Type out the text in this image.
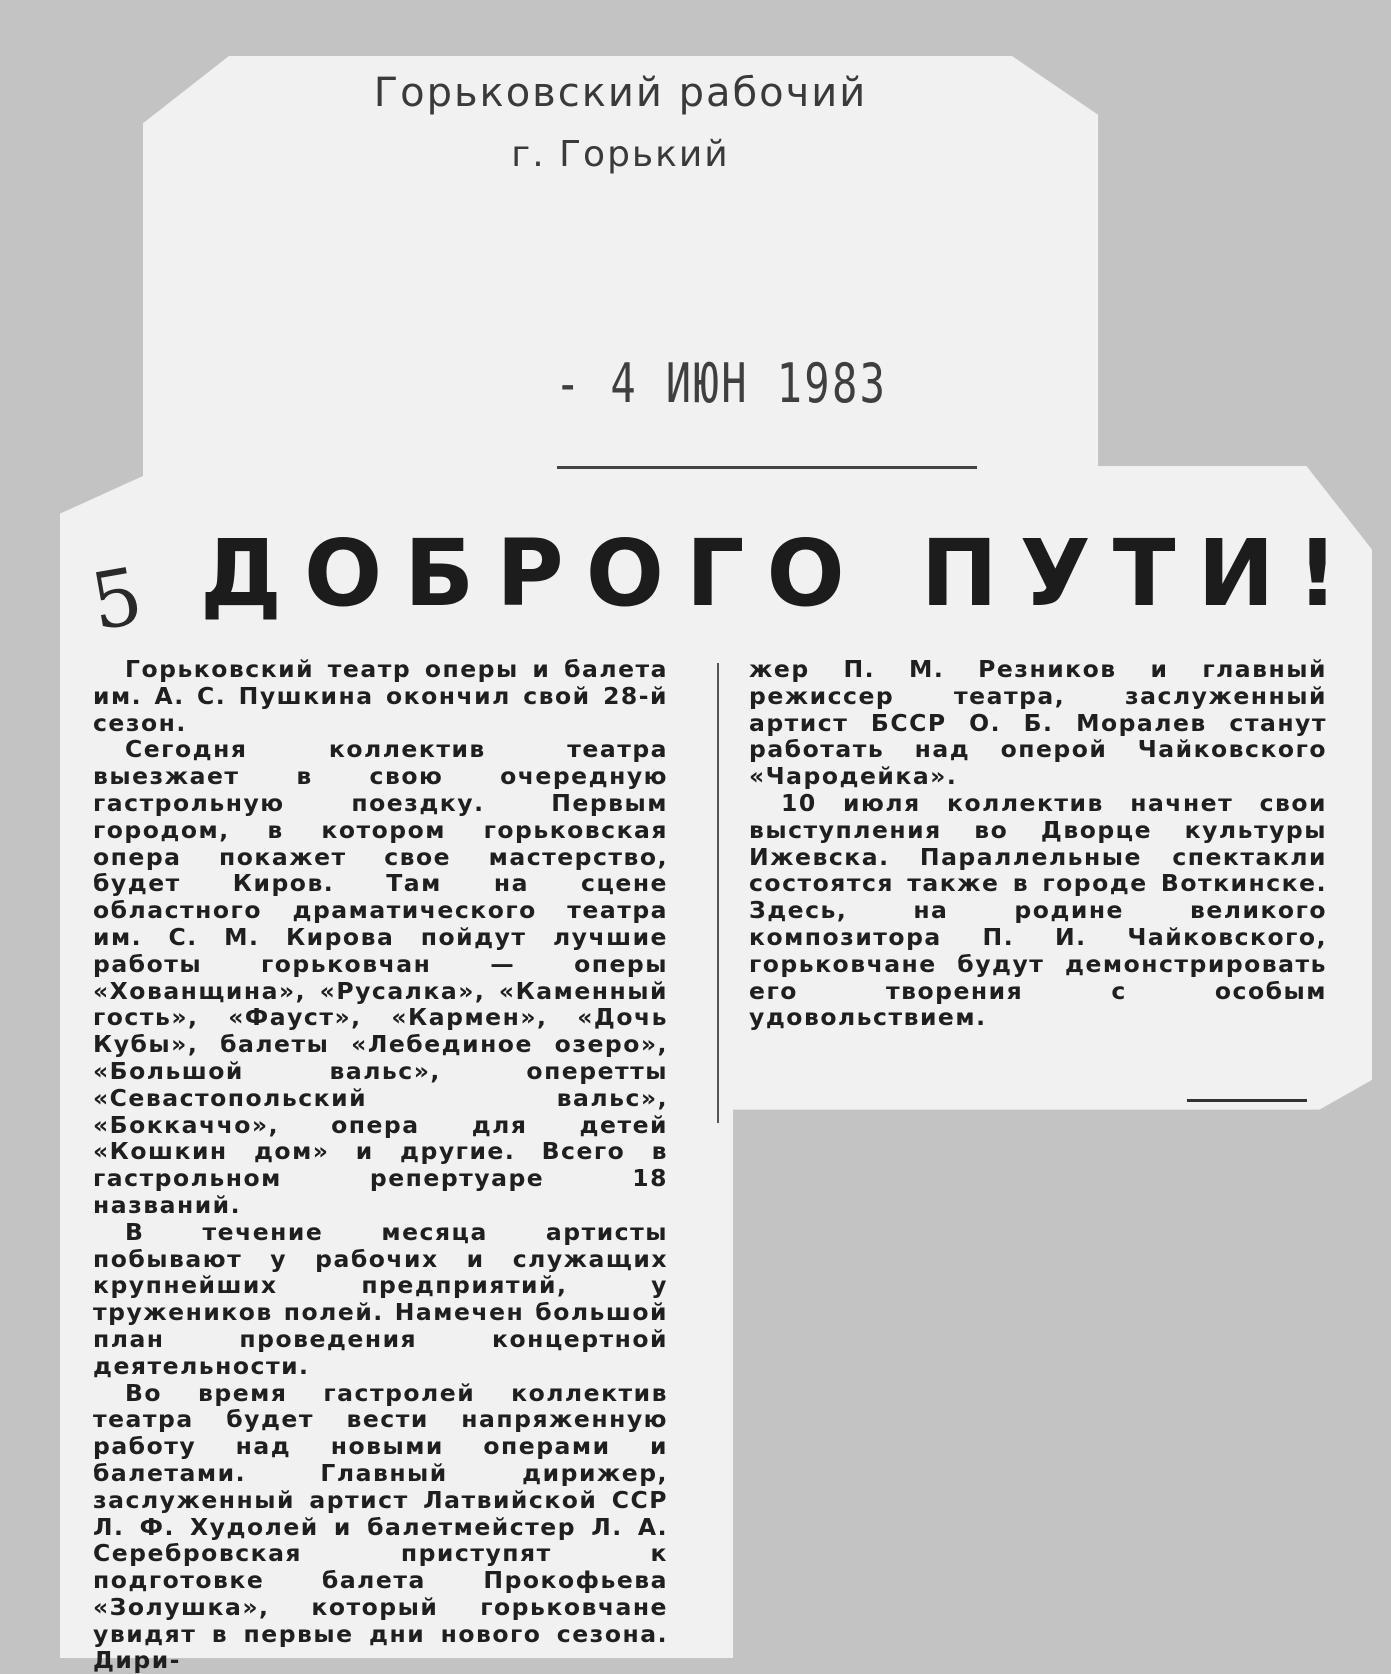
Горьковский рабочий
г. Горький
- 4 ИЮН 1983
5 ДОБРОГО ПУТИ!

Горьковский театр оперы и балета им. А. С. Пушкина окончил свой 28-й сезон.

Сегодня коллектив театра выезжает в свою очередную гастрольную поездку. Первым городом, в котором горьковская опера покажет свое мастерство, будет Киров. Там на сцене областного драматического театра им. С. М. Кирова пойдут лучшие работы горьковчан — оперы «Хованщина», «Русалка», «Каменный гость», «Фауст», «Кармен», «Дочь Кубы», балеты «Лебединое озеро», «Большой вальс», оперетты «Севастопольский вальс», «Боккаччо», опера для детей «Кошкин дом» и другие. Всего в гастрольном репертуаре 18 названий.

В течение месяца артисты побывают у рабочих и служащих крупнейших предприятий, у тружеников полей. Намечен большой план проведения концертной деятельности.

Во время гастролей коллектив театра будет вести напряженную работу над новыми операми и балетами. Главный дирижер, заслуженный артист Латвийской ССР Л. Ф. Худолей и балетмейстер Л. А. Серебровская приступят к подготовке балета Прокофьева «Золушка», который горьковчане увидят в первые дни нового сезона. Дири-

жер П. М. Резников и главный режиссер театра, заслуженный артист БССР О. Б. Моралев станут работать над оперой Чайковского «Чародейка».

10 июля коллектив начнет свои выступления во Дворце культуры Ижевска. Параллельные спектакли состоятся также в городе Воткинске. Здесь, на родине великого композитора П. И. Чайковского, горьковчане будут демонстрировать его творения с особым удовольствием.
